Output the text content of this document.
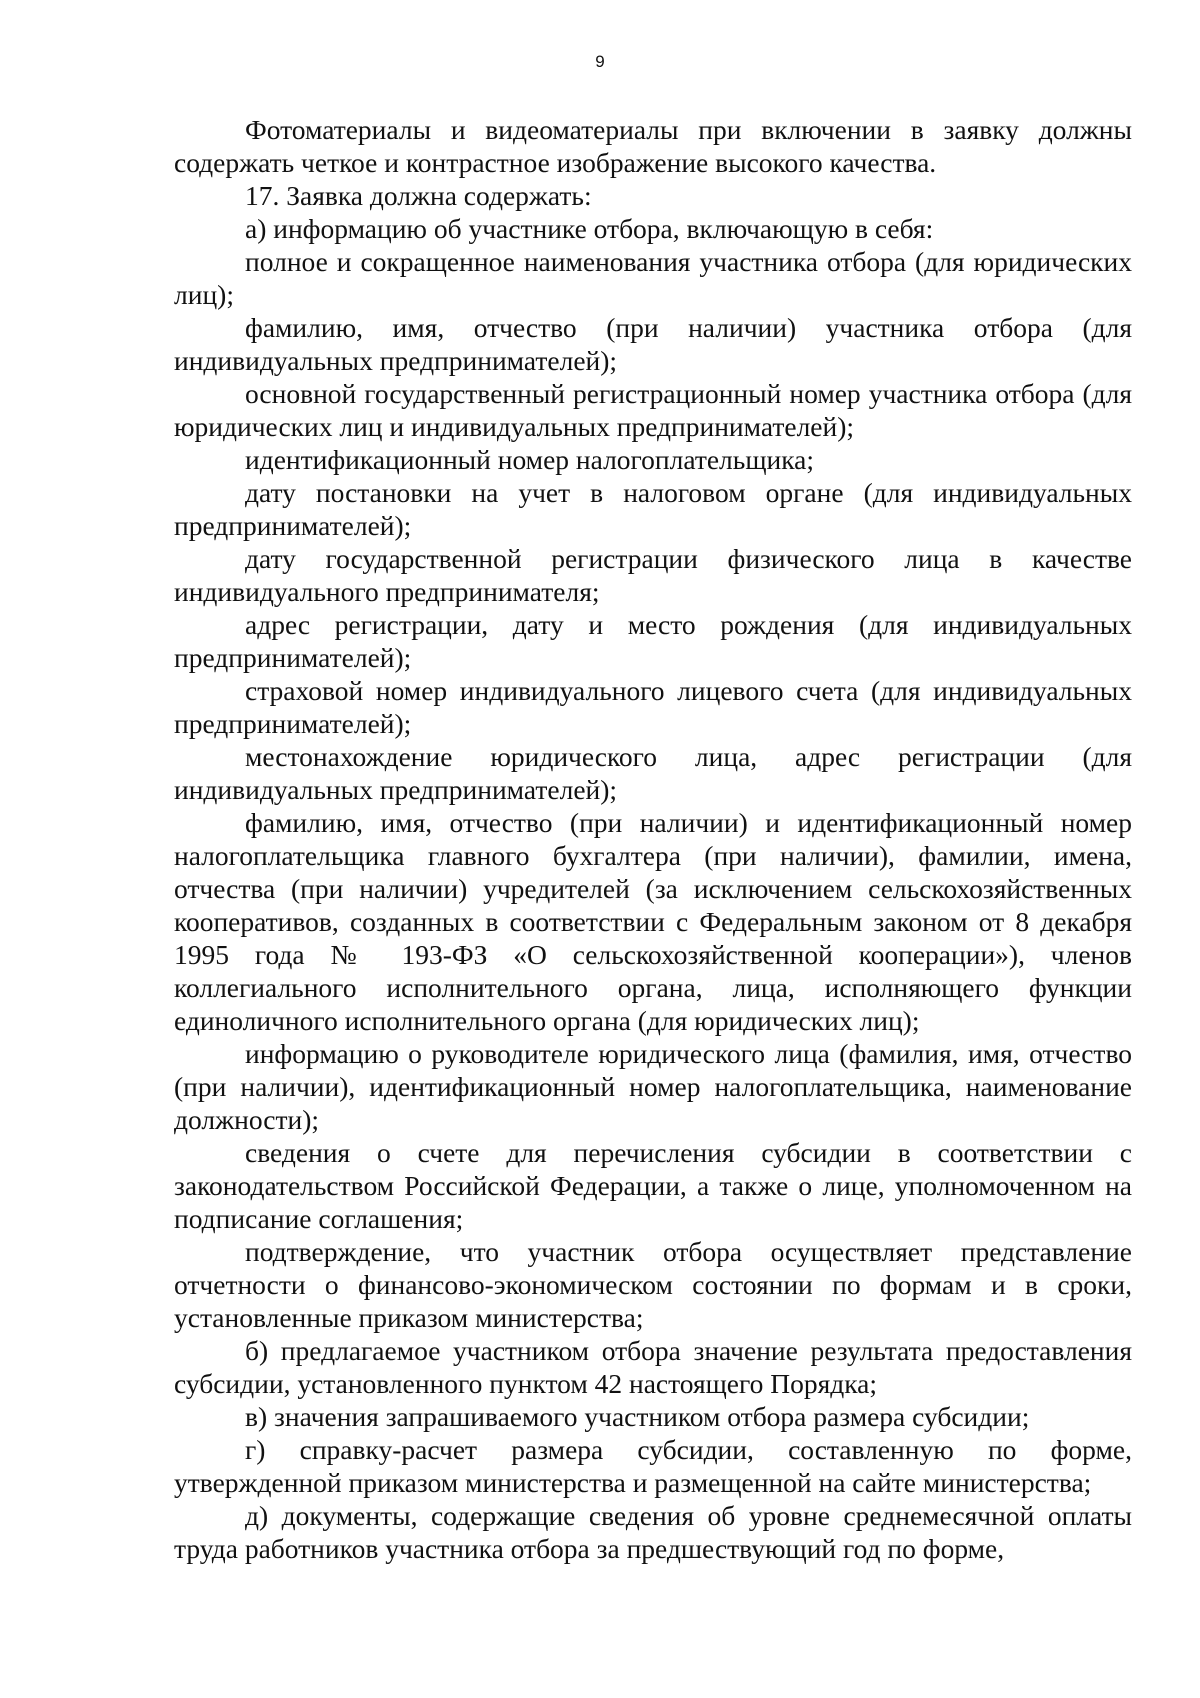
9

Фотоматериалы и видеоматериалы при включении в заявку должны содержать четкое и контрастное изображение высокого качества.

17. Заявка должна содержать:

а) информацию об участнике отбора, включающую в себя:

полное и сокращенное наименования участника отбора (для юридических лиц);

фамилию, имя, отчество (при наличии) участника отбора (для индивидуальных предпринимателей);

основной государственный регистрационный номер участника отбора (для юридических лиц и индивидуальных предпринимателей);

идентификационный номер налогоплательщика;

дату постановки на учет в налоговом органе (для индивидуальных предпринимателей);

дату государственной регистрации физического лица в качестве индивидуального предпринимателя;

адрес регистрации, дату и место рождения (для индивидуальных предпринимателей);

страховой номер индивидуального лицевого счета (для индивидуальных предпринимателей);

местонахождение юридического лица, адрес регистрации (для индивидуальных предпринимателей);

фамилию, имя, отчество (при наличии) и идентификационный номер налогоплательщика главного бухгалтера (при наличии), фамилии, имена, отчества (при наличии) учредителей (за исключением сельскохозяйственных кооперативов, созданных в соответствии с Федеральным законом от 8 декабря 1995 года № 193-ФЗ «О сельскохозяйственной кооперации»), членов коллегиального исполнительного органа, лица, исполняющего функции единоличного исполнительного органа (для юридических лиц);

информацию о руководителе юридического лица (фамилия, имя, отчество (при наличии), идентификационный номер налогоплательщика, наименование должности);

сведения о счете для перечисления субсидии в соответствии с законодательством Российской Федерации, а также о лице, уполномоченном на подписание соглашения;

подтверждение, что участник отбора осуществляет представление отчетности о финансово-экономическом состоянии по формам и в сроки, установленные приказом министерства;

б) предлагаемое участником отбора значение результата предоставления субсидии, установленного пунктом 42 настоящего Порядка;

в) значения запрашиваемого участником отбора размера субсидии;

г) справку-расчет размера субсидии, составленную по форме, утвержденной приказом министерства и размещенной на сайте министерства;

д) документы, содержащие сведения об уровне среднемесячной оплаты труда работников участника отбора за предшествующий год по форме,
